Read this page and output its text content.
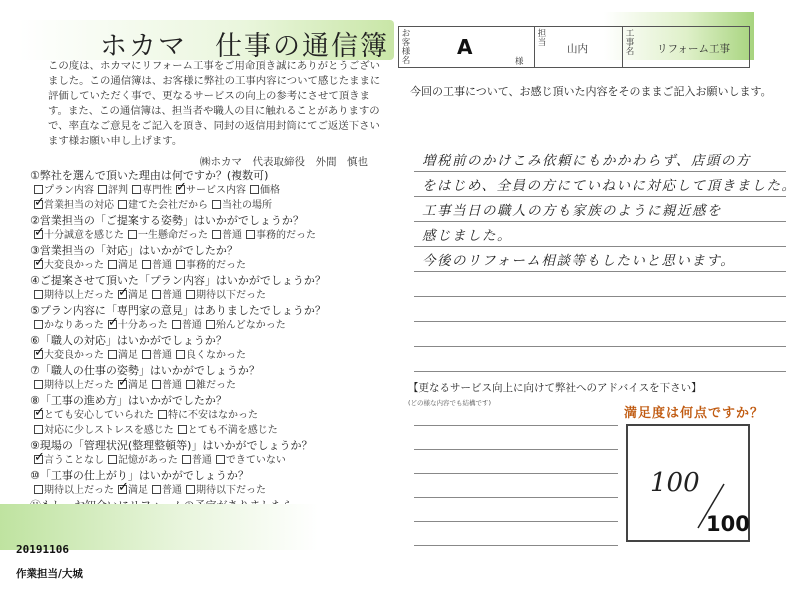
ホカマ 仕事の通信簿

この度は、ホカマにリフォーム工事をご用命頂き誠にありがとうございました。この通信簿は、お客様に弊社の工事内容について感じたままに評価していただく事で、更なるサービスの向上の参考にさせて頂きます。また、この通信簿は、担当者や職人の目に触れることがありますので、率直なご意見をご記入を頂き、同封の返信用封筒にてご返送下さいます様お願い申し上げます。

㈱ホカマ　代表取締役　外間　慎也
①弊社を選んで頂いた理由は何ですか？(複数可)
プラン内容 評判 専門性 ✓ サービス内容 価格
✓営業担当の対応 建てた会社だから 当社の場所
②営業担当の「ご提案する姿勢」はいかがでしょうか？
✓十分誠意を感じた 一生懸命だった 普通 事務的だった
③営業担当の「対応」はいかがでしたか？
✓大変良かった 満足 普通 事務的だった
④ご提案させて頂いた「プラン内容」はいかがでしょうか？
期待以上だった ✓ 満足 普通 期待以下だった
⑤プラン内容に「専門家の意見」はありましたでしょうか？
かなりあった ✓ 十分あった 普通 殆んどなかった
⑥「職人の対応」はいかがでしょうか？
✓大変良かった 満足 普通 良くなかった
⑦「職人の仕事の姿勢」はいかがでしょうか？
期待以上だった ✓ 満足 普通 雑だった
⑧「工事の進め方」はいかがでしたか？
✓とても安心していられた 特に不安はなかった
対応に少しストレスを感じた とても不満を感じた
⑨現場の「管理状況(整理整頓等)」はいかがでしょうか？
✓言うことなし 記憶があった 普通 できていない
⑩「工事の仕上がり」はいかがでしょうか？
期待以上だった ✓ 満足 普通 期待以下だった
✓
20191106
作業担当/大城
お客様名
A
様
担当 山内
工事名 リフォーム工事

今回の工事について、お感じ頂いた内容をそのままご記入お願いします。

増税前のかけこみ依頼にもかかわらず、店頭の方
をはじめ、全員の方にていねいに対応して頂きました。
工事当日の職人の方も家族のように親近感を
感じました。
今後のリフォーム相談等もしたいと思います。
【更なるサービス向上に向けて弊社へのアドバイスを下さい】
(どの様な内容でも結構です)
満足度は何点ですか？
100
100
